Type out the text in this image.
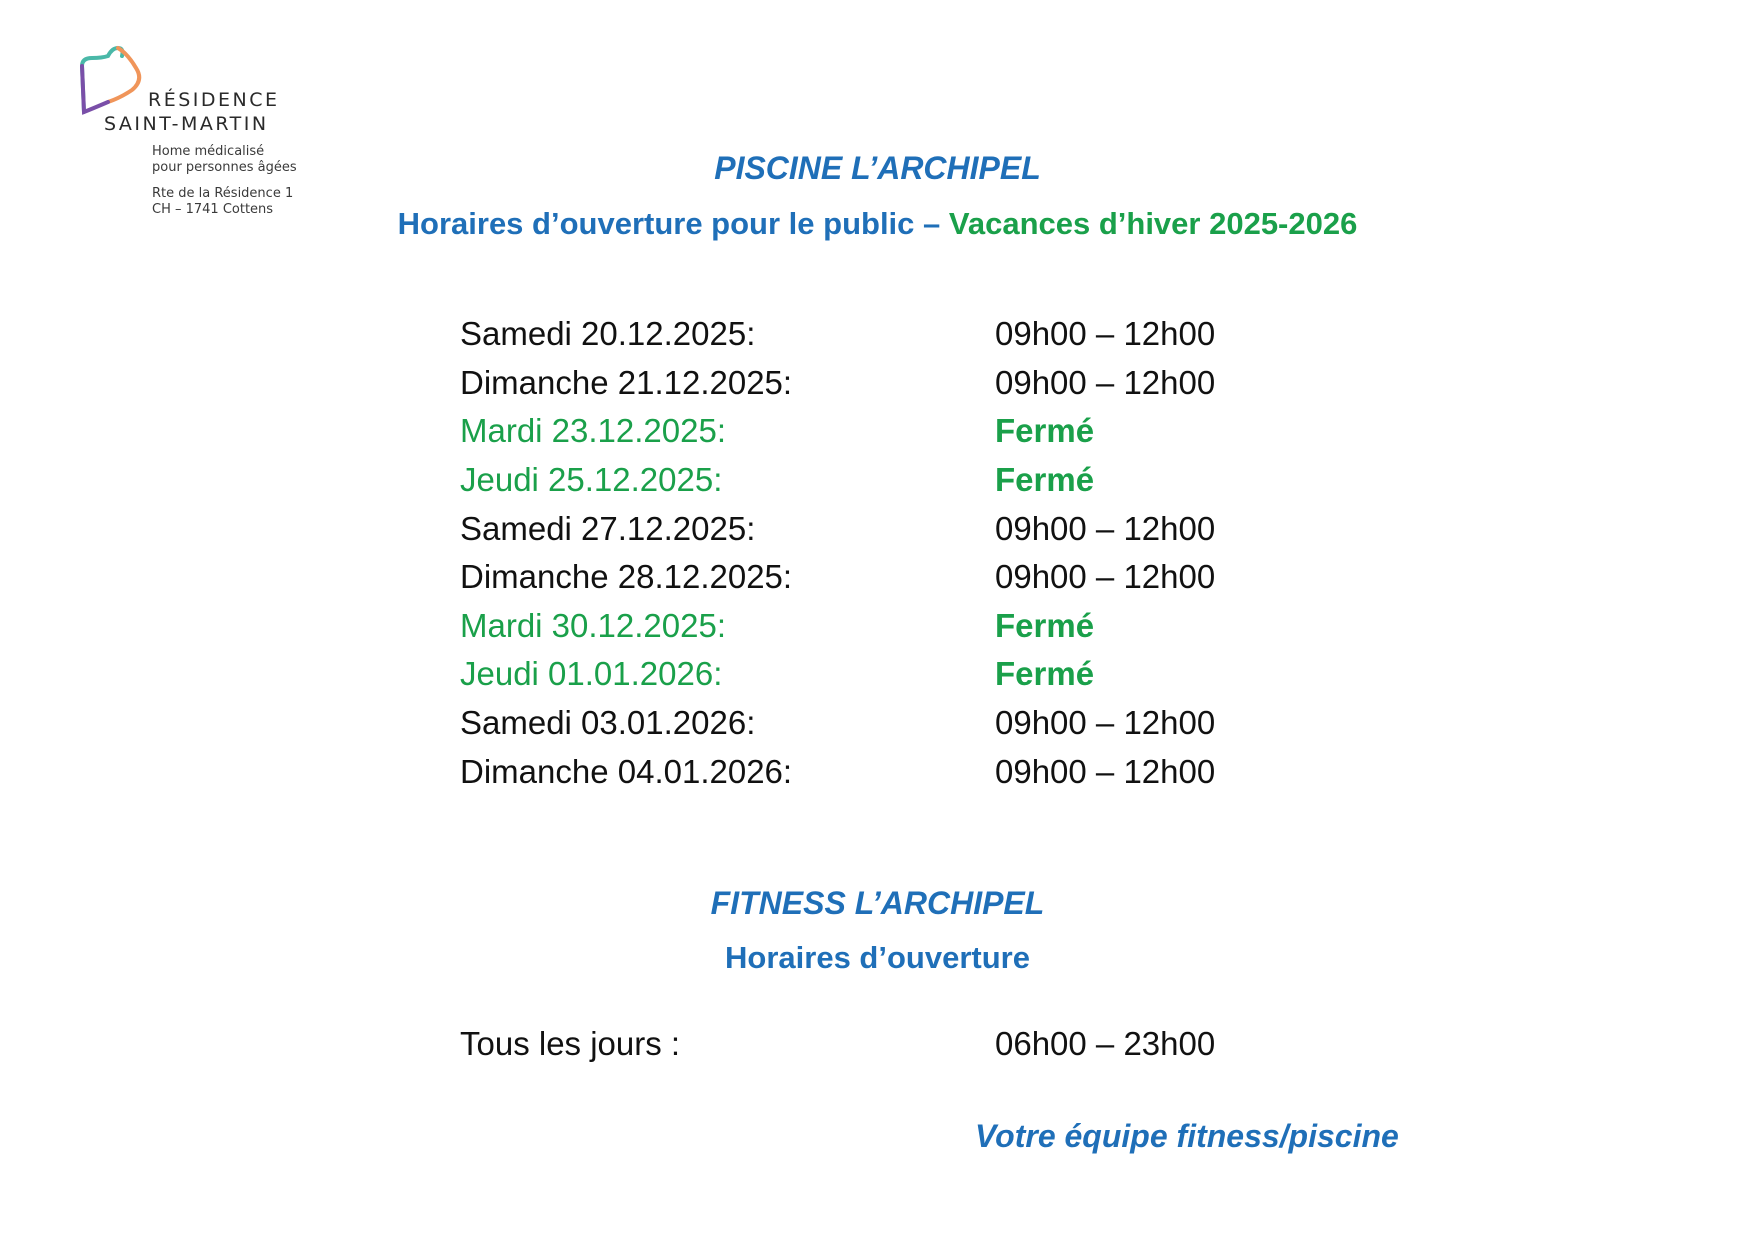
RÉSIDENCE
SAINT-MARTIN
Home médicalisé
pour personnes âgées
Rte de la Résidence 1
CH – 1741 Cottens
PISCINE L’ARCHIPEL
Horaires d’ouverture pour le public – Vacances d’hiver 2025-2026
Samedi 20.12.2025:	09h00 – 12h00
Dimanche 21.12.2025:	09h00 – 12h00
Mardi 23.12.2025:	Fermé
Jeudi 25.12.2025:	Fermé
Samedi 27.12.2025:	09h00 – 12h00
Dimanche 28.12.2025:	09h00 – 12h00
Mardi 30.12.2025:	Fermé
Jeudi 01.01.2026:	Fermé
Samedi 03.01.2026:	09h00 – 12h00
Dimanche 04.01.2026:	09h00 – 12h00
FITNESS L’ARCHIPEL
Horaires d’ouverture
Tous les jours :	06h00 – 23h00
Votre équipe fitness/piscine
